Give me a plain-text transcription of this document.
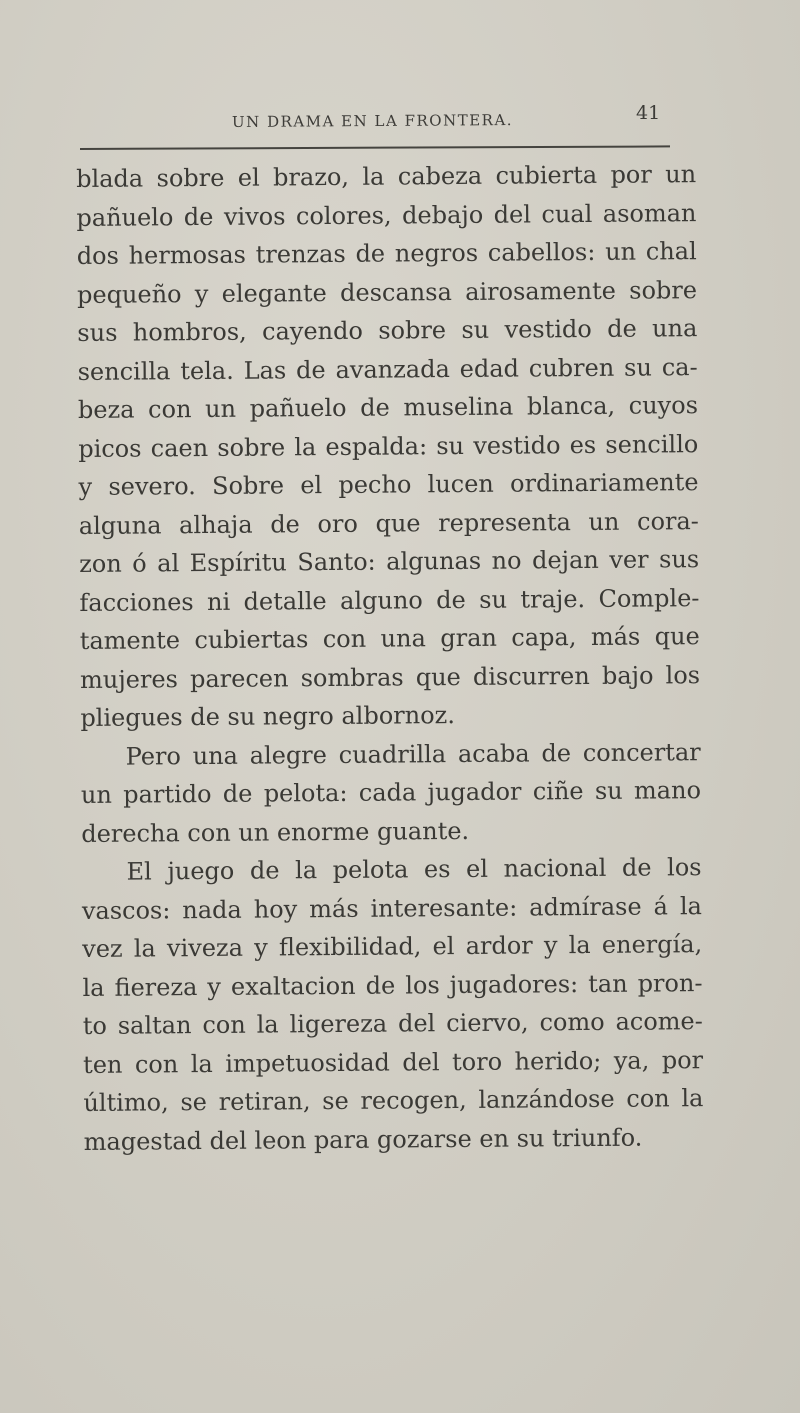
UN DRAMA EN LA FRONTERA.	41
blada sobre el brazo, la cabeza cubierta por un
pañuelo de vivos colores, debajo del cual asoman
dos hermosas trenzas de negros cabellos: un chal
pequeño y elegante descansa airosamente sobre
sus hombros, cayendo sobre su vestido de una
sencilla tela. Las de avanzada edad cubren su ca-
beza con un pañuelo de muselina blanca, cuyos
picos caen sobre la espalda: su vestido es sencillo
y severo. Sobre el pecho lucen ordinariamente
alguna alhaja de oro que representa un cora-
zon ó al Espíritu Santo: algunas no dejan ver sus
facciones ni detalle alguno de su traje. Comple-
tamente cubiertas con una gran capa, más que
mujeres parecen sombras que discurren bajo los
pliegues de su negro albornoz.
Pero una alegre cuadrilla acaba de concertar
un partido de pelota: cada jugador ciñe su mano
derecha con un enorme guante.
El juego de la pelota es el nacional de los
vascos: nada hoy más interesante: admírase á la
vez la viveza y flexibilidad, el ardor y la energía,
la fiereza y exaltacion de los jugadores: tan pron-
to saltan con la ligereza del ciervo, como acome-
ten con la impetuosidad del toro herido; ya, por
último, se retiran, se recogen, lanzándose con la
magestad del leon para gozarse en su triunfo.
